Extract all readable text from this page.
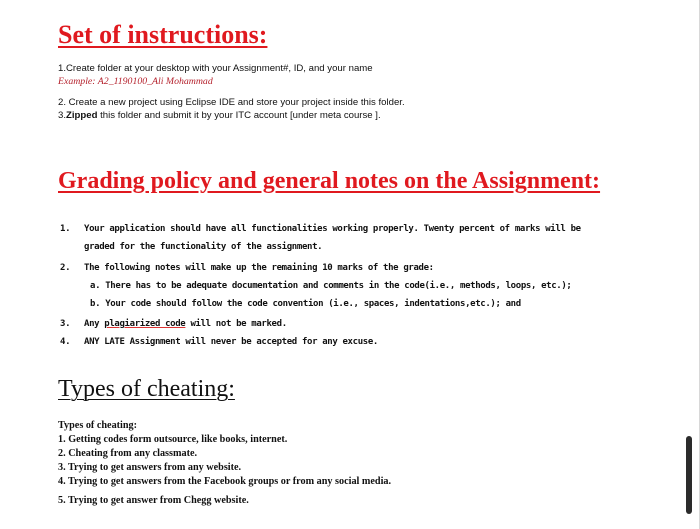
Set of instructions:

1.Create folder at your desktop with your Assignment#, ID, and your name

Example: A2_1190100_Ali Mohammad

2. Create a new project using Eclipse IDE and store your project inside this folder.

3.Zipped this folder and submit it by your ITC account [under meta course ].

Grading policy and general notes on the Assignment:

1. Your application should have all functionalities working properly. Twenty percent of marks will be

graded for the functionality of the assignment.

2. The following notes will make up the remaining 10 marks of the grade:

a. There has to be adequate documentation and comments in the code(i.e., methods, loops, etc.);

b. Your code should follow the code convention (i.e., spaces, indentations,etc.); and

3. Any plagiarized code will not be marked.

4. ANY LATE Assignment will never be accepted for any excuse.

Types of cheating:

Types of cheating:

1. Getting codes form outsource, like books, internet.

2. Cheating from any classmate.

3. Trying to get answers from any website.

4. Trying to get answers from the Facebook groups or from any social media.

5. Trying to get answer from Chegg website.
